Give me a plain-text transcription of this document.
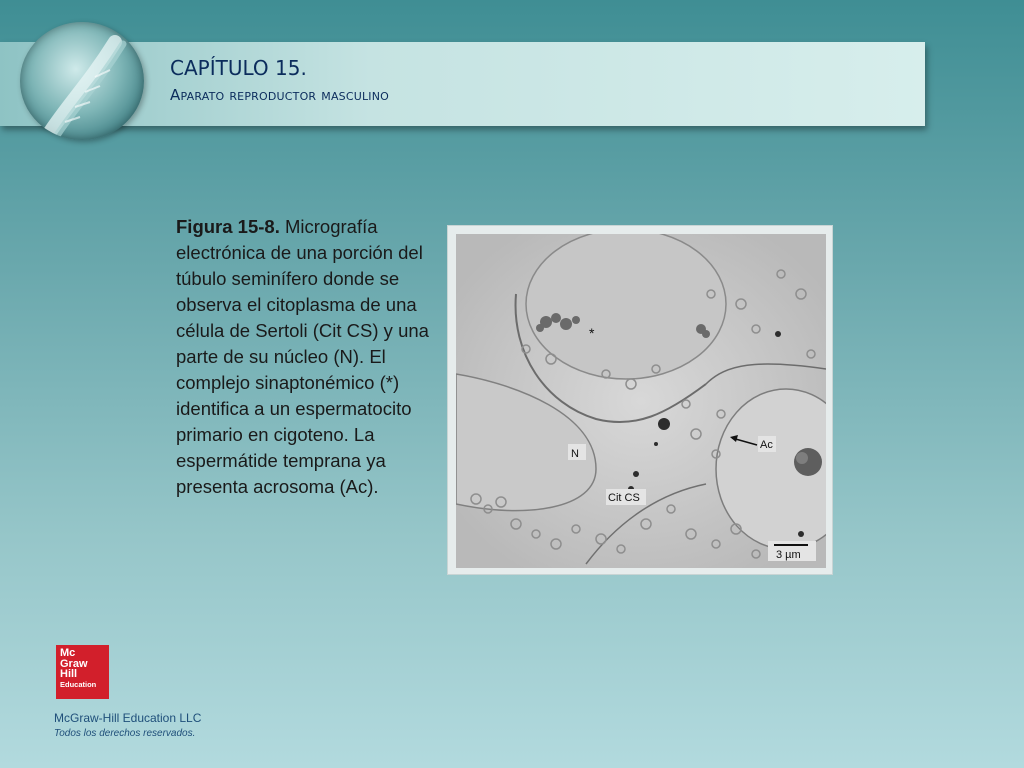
CAPÍTULO 15.
Aparato reproductor masculino
Figura 15-8. Micrografía electrónica de una porción del túbulo seminífero donde se observa el citoplasma de una célula de Sertoli (Cit CS) y una parte de su núcleo (N). El complejo sinaptonémico (*) identifica a un espermatocito primario en cigoteno. La espermátide temprana ya presenta acrosoma (Ac).
*
N
Ac
Cit CS
3 µm
Mc
Graw
Hill
Education
McGraw-Hill Education LLC
Todos los derechos reservados.
